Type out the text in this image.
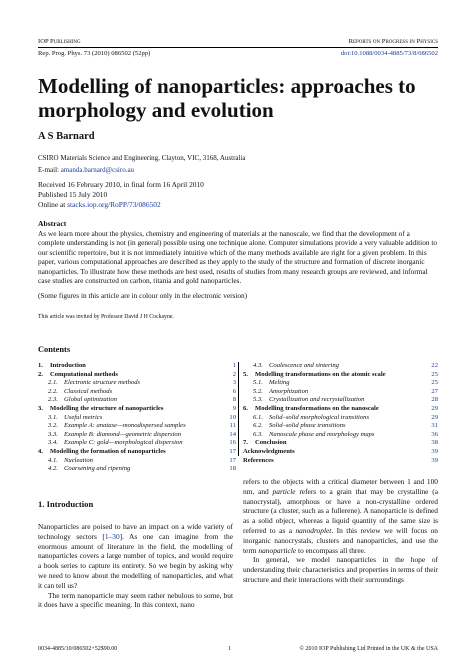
IOP Publishing	Reports on Progress in Physics
Rep. Prog. Phys. 73 (2010) 086502 (52pp)	doi:10.1088/0034-4885/73/8/086502
Modelling of nanoparticles: approaches to morphology and evolution
A S Barnard
CSIRO Materials Science and Engineering, Clayton, VIC, 3168, Australia
E-mail: amanda.barnard@csiro.au
Received 16 February 2010, in final form 16 April 2010
Published 15 July 2010
Online at stacks.iop.org/RoPP/73/086502
Abstract

As we learn more about the physics, chemistry and engineering of materials at the nanoscale, we find that the development of a complete understanding is not (in general) possible using one technique alone. Computer simulations provide a very valuable addition to our scientific repertoire, but it is not immediately intuitive which of the many methods available are right for a given problem. In this paper, various computational approaches are described as they apply to the study of the structure and formation of discrete inorganic nanoparticles. To illustrate how these methods are best used, results of studies from many research groups are reviewed, and informal case studies are constructed on carbon, titania and gold nanoparticles.

(Some figures in this article are in colour only in the electronic version)

This article was invited by Professor David J H Cockayne.
Contents
1. Introduction	1
2. Computational methods	2
2.1. Electronic structure methods	3
2.2. Classical methods	6
2.3. Global optimization	8
3. Modelling the structure of nanoparticles	9
3.1. Useful metrics	10
3.2. Example A: anatase—monodispersed samples	11
3.3. Example B: diamond—geometric dispersion	14
3.4. Example C: gold—morphological dispersion	16
4. Modelling the formation of nanoparticles	17
4.1. Nucleation	17
4.2. Coarsening and ripening	18
4.3. Coalescence and sintering	22
5. Modelling transformations on the atomic scale	25
5.1. Melting	25
5.2. Amorphization	27
5.3. Crystallization and recrystallization	28
6. Modelling transformations on the nanoscale	29
6.1. Solid–solid morphological transitions	29
6.2. Solid–solid phase transitions	31
6.3. Nanoscale phase and morphology maps	36
7. Conclusion	38
Acknowledgments	39
References	39
1. Introduction

Nanoparticles are poised to have an impact on a wide variety of technology sectors [1–30]. As one can imagine from the enormous amount of literature in the field, the modelling of nanoparticles covers a large number of topics, and would require a book series to capture its entirety. So we begin by asking why we need to know about the modelling of nanoparticles, and what it can tell us?

The term nanoparticle may seem rather nebulous to some, but it does have a specific meaning. In this context, nano

refers to the objects with a critical diameter between 1 and 100 nm, and particle refers to a grain that may be crystalline (a nanocrystal), amorphous or have a non-crystalline ordered structure (a cluster, such as a fullerene). A nanoparticle is defined as a solid object, whereas a liquid quantity of the same size is referred to as a nanodroplet. In this review we will focus on inorganic nanocrystals, clusters and nanoparticles, and use the term nanoparticle to encompass all three.

In general, we model nanoparticles in the hope of understanding their characteristics and properties in terms of their structure and their interactions with their surroundings

0034-4885/10/086502+52$90.00	1	© 2010 IOP Publishing Ltd Printed in the UK & the USA
